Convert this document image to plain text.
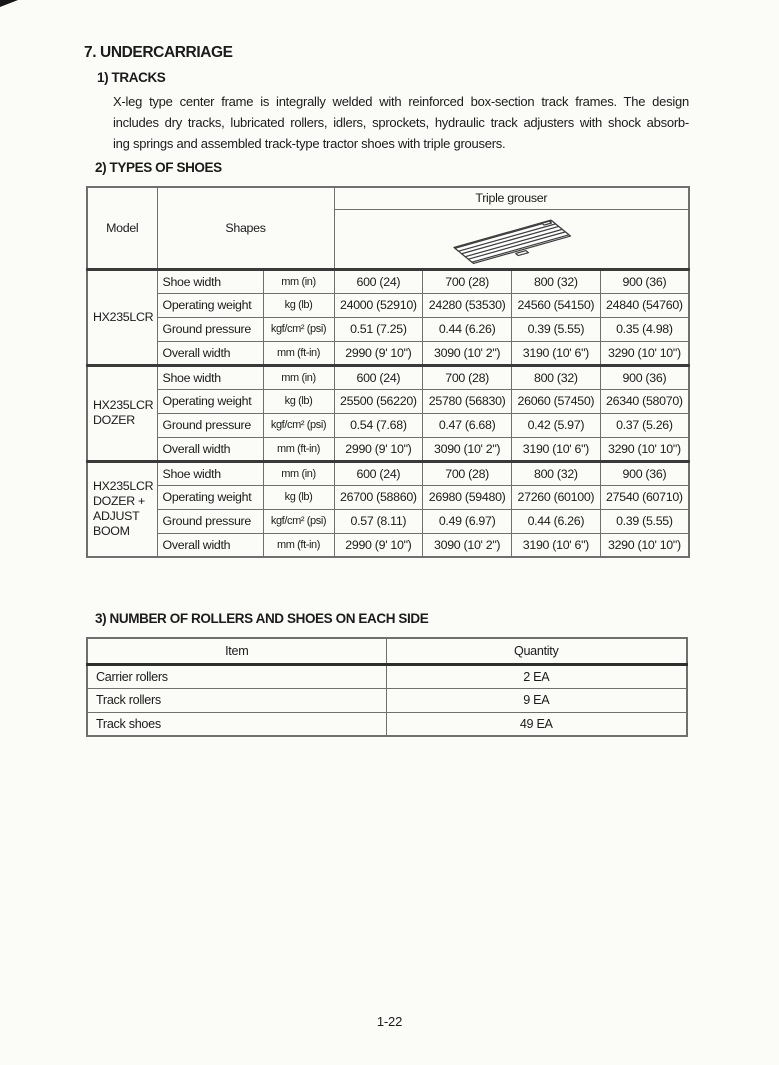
7. UNDERCARRIAGE
1) TRACKS
X-leg type center frame is integrally welded with reinforced box-section track frames. The design
includes dry tracks, lubricated rollers, idlers, sprockets, hydraulic track adjusters with shock absorb-
ing springs and assembled track-type tractor shoes with triple grousers.
2) TYPES OF SHOES
Model	Shapes		Triple grouser			

HX235LCR	Shoe width	mm (in)	600 (24)	700 (28)	800 (32)	900 (36)
	Operating weight	kg (lb)	24000 (52910)	24280 (53530)	24560 (54150)	24840 (54760)
	Ground pressure	kgf/cm² (psi)	0.51 (7.25)	0.44 (6.26)	0.39 (5.55)	0.35 (4.98)
	Overall width	mm (ft-in)	2990 (9' 10")	3090 (10' 2")	3190 (10' 6")	3290 (10' 10")
HX235LCR DOZER	Shoe width	mm (in)	600 (24)	700 (28)	800 (32)	900 (36)
	Operating weight	kg (lb)	25500 (56220)	25780 (56830)	26060 (57450)	26340 (58070)
	Ground pressure	kgf/cm² (psi)	0.54 (7.68)	0.47 (6.68)	0.42 (5.97)	0.37 (5.26)
	Overall width	mm (ft-in)	2990 (9' 10")	3090 (10' 2")	3190 (10' 6")	3290 (10' 10")
HX235LCR DOZER + ADJUST BOOM	Shoe width	mm (in)	600 (24)	700 (28)	800 (32)	900 (36)
	Operating weight	kg (lb)	26700 (58860)	26980 (59480)	27260 (60100)	27540 (60710)
	Ground pressure	kgf/cm² (psi)	0.57 (8.11)	0.49 (6.97)	0.44 (6.26)	0.39 (5.55)
	Overall width	mm (ft-in)	2990 (9' 10")	3090 (10' 2")	3190 (10' 6")	3290 (10' 10")
3) NUMBER OF ROLLERS AND SHOES ON EACH SIDE
Item	Quantity
Carrier rollers	2 EA
Track rollers	9 EA
Track shoes	49 EA
1-22
